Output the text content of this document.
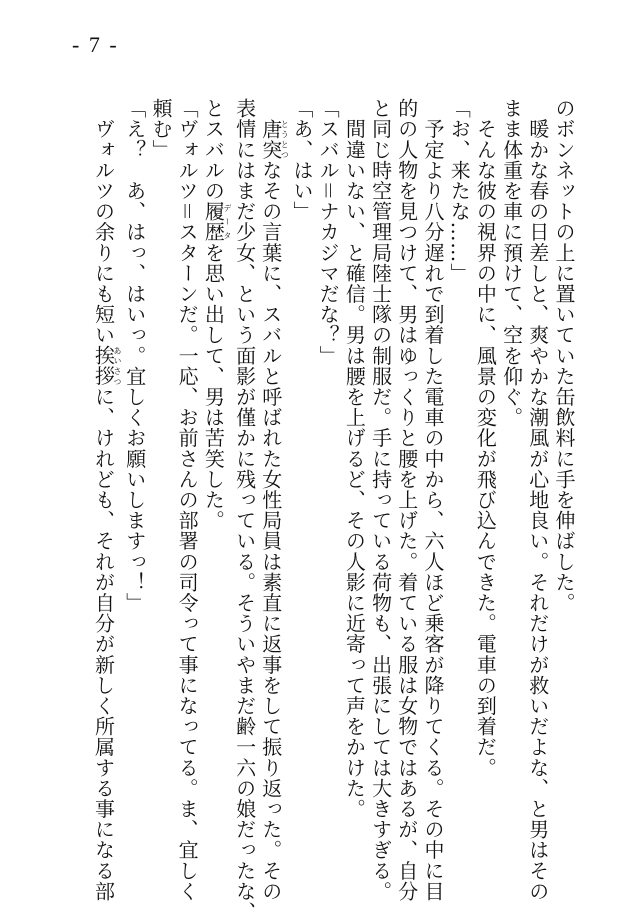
- 7 -

のボンネットの上に置いていた缶飲料に手を伸ばした。

　暖かな春の日差しと、爽やかな潮風が心地良い。それだけが救いだよな、と男はその

まま体重を車に預けて、空を仰ぐ。

　そんな彼の視界の中に、風景の変化が飛び込んできた。電車の到着だ。

「お、来たな……」

　予定より八分遅れで到着した電車の中から、六人ほど乗客が降りてくる。その中に目

的の人物を見つけて、男はゆっくりと腰を上げた。着ている服は女物ではあるが、自分

と同じ時空管理局陸士隊の制服だ。手に持っている荷物も、出張にしては大きすぎる。

　間違いない、と確信。男は腰を上げるど、その人影に近寄って声をかけた。

「スバル＝ナカジマだな？」

「あ、はい」

　唐突とうとつなその言葉に、スバルと呼ばれた女性局員は素直に返事をして振り返った。その

表情にはまだ少女、という面影が僅かに残っている。そういやまだ齢一六の娘だったな、

とスバルの履歴データを思い出して、男は苦笑した。

「ヴォルツ＝スターンだ。一応、お前さんの部署の司令って事になってる。ま、宜しく

頼む」

「え？　あ、はっ、はいっ。宜しくお願いしますっ！」

　ヴォルツの余りにも短い挨拶あいさつに、けれども、それが自分が新しく所属する事になる部
